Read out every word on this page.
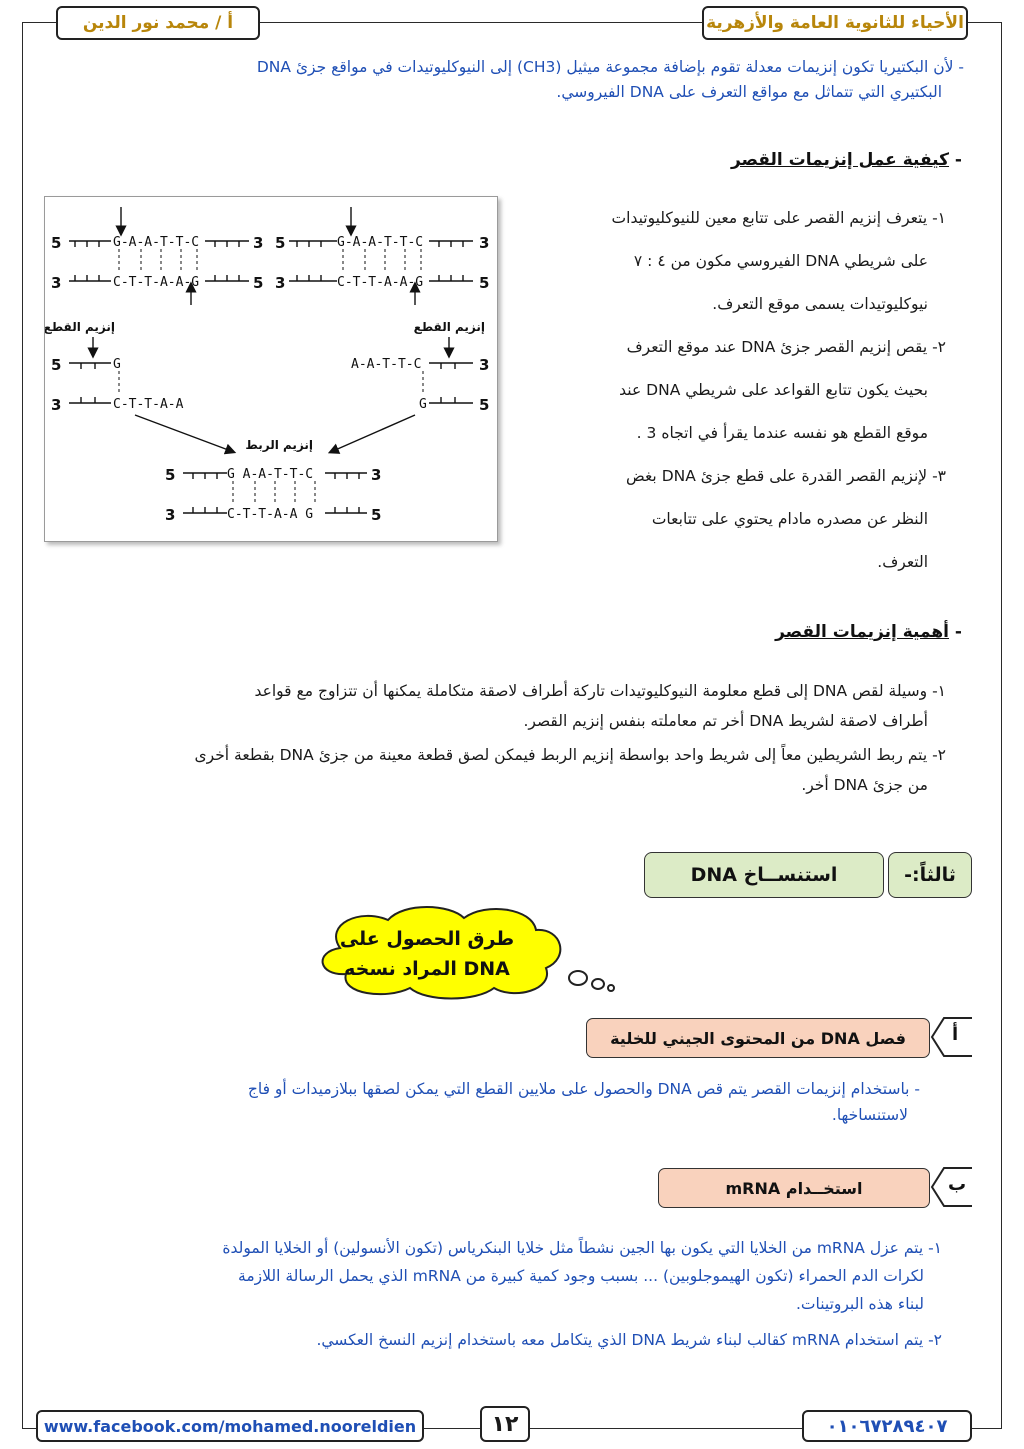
الأحياء للثانوية العامة والأزهرية
أ / محمد نور الدين
- لأن البكتيريا تكون إنزيمات معدلة تقوم بإضافة مجموعة ميثيل (CH3) إلى النيوكليوتيدات في مواقع جزئ DNA
البكتيري التي تتماثل مع مواقع التعرف على DNA الفيروسي.
- كيفية عمل إنزيمات القصر
١- يتعرف إنزيم القصر على تتابع معين للنيوكليوتيدات
على شريطي DNA الفيروسي مكون من ٤ : ٧
نيوكليوتيدات يسمى موقع التعرف.
٢- يقص إنزيم القصر جزئ DNA عند موقع التعرف
بحيث يكون تتابع القواعد على شريطي DNA عند
موقع القطع هو نفسه عندما يقرأ في اتجاه 3 .
٣- لإنزيم القصر القدرة على قطع جزئ DNA بغض
النظر عن مصدره مادام يحتوي على تتابعات
التعرف.
G-A-A-T-T-C
C-T-T-A-A-G
G-A-A-T-T-C
C-T-T-A-A-G
G
C-T-T-A-A
A-A-T-T-C
G
G A-A-T-T-C
C-T-T-A-A G
5	3
3	5
5	3
3	5
5
3
3
5
5	3
3	5
إنزيم القطع	إنزيم القطع
إنزيم الربط
- أهمية إنزيمات القصر
١- وسيلة لقص DNA إلى قطع معلومة النيوكليوتيدات تاركة أطراف لاصقة متكاملة يمكنها أن تتزاوج مع قواعد
أطراف لاصقة لشريط DNA أخر تم معاملته بنفس إنزيم القصر.
٢- يتم ربط الشريطين معاً إلى شريط واحد بواسطة إنزيم الربط فيمكن لصق قطعة معينة من جزئ DNA بقطعة أخرى
من جزئ DNA أخر.
ثالثاً:-
استنســاخ DNA
طرق الحصول على
DNA المراد نسخه
أ
فصل DNA من المحتوى الجيني للخلية
- باستخدام إنزيمات القصر يتم قص DNA والحصول على ملايين القطع التي يمكن لصقها ببلازميدات أو فاج
لاستنساخها.
ب
استخــدام mRNA
١- يتم عزل mRNA من الخلايا التي يكون بها الجين نشطاً مثل خلايا البنكرياس (تكون الأنسولين) أو الخلايا المولدة
لكرات الدم الحمراء (تكون الهيموجلوبين) ... بسبب وجود كمية كبيرة من mRNA الذي يحمل الرسالة اللازمة
لبناء هذه البروتينات.
٢- يتم استخدام mRNA كقالب لبناء شريط DNA الذي يتكامل معه باستخدام إنزيم النسخ العكسي.
www.facebook.com/mohamed.nooreldien	١٢	٠١٠٦٧٢٨٩٤٠٧
